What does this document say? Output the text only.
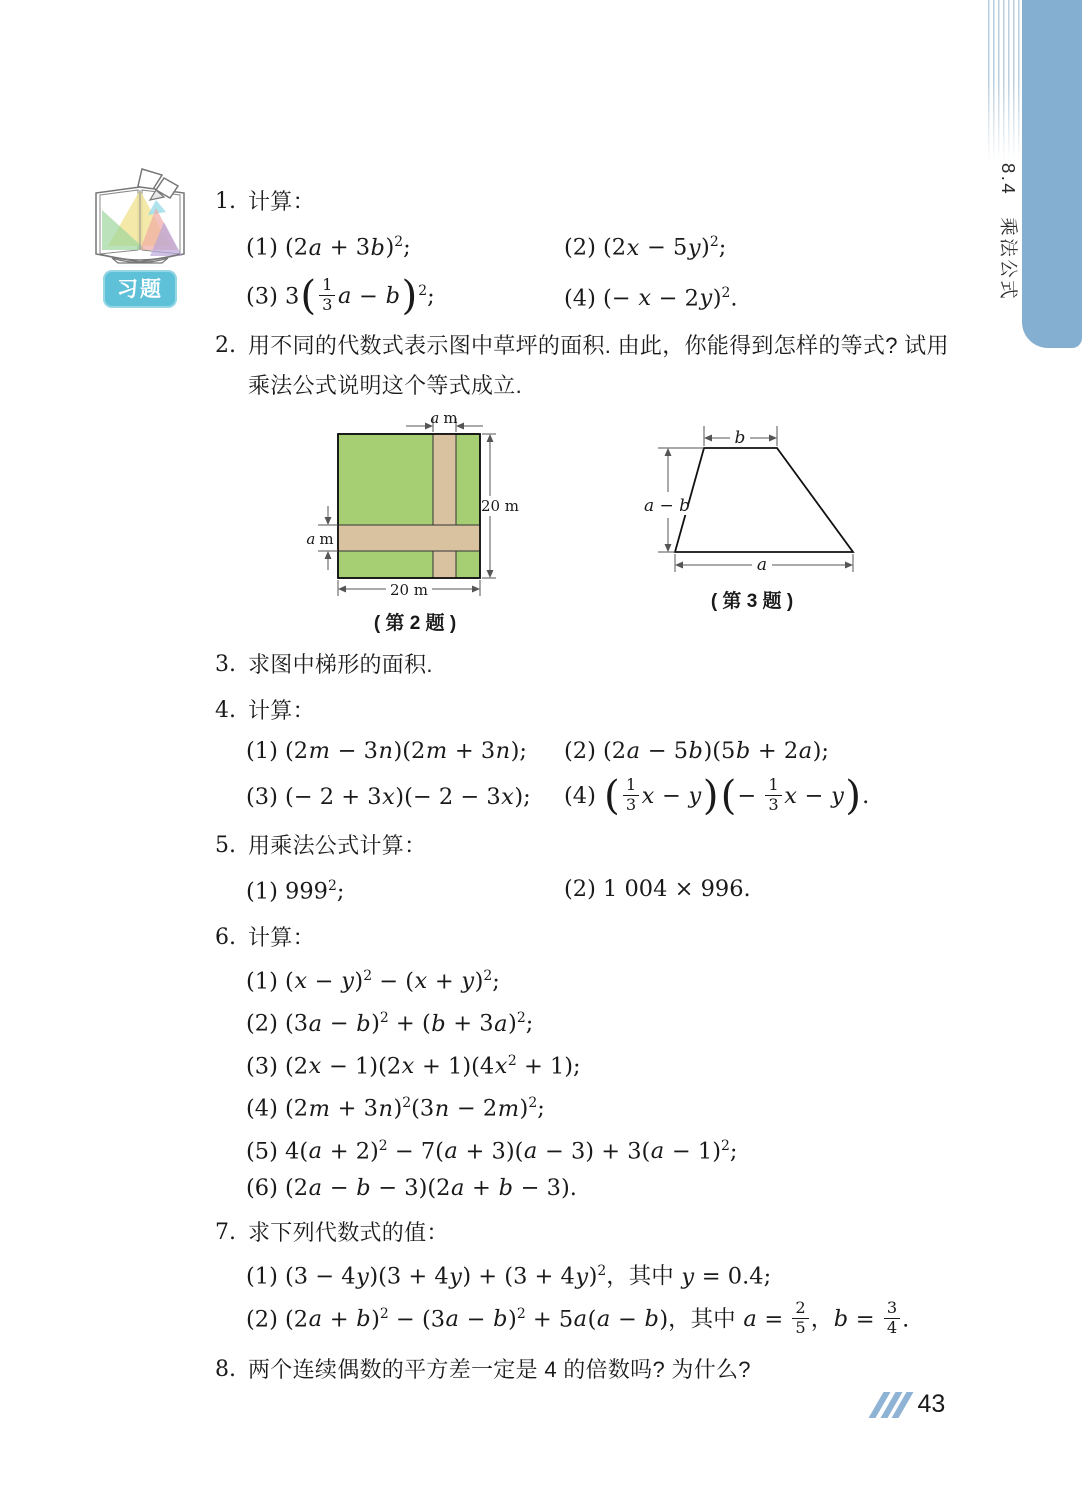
8.4　乘法公式
习题
1. 计算：
(1) $(2a + 3b)^2$;	(2) $(2x - 5y)^2$;
(3) $3( \frac{1}{3}$ $a - b)^2$;	(4) (− x − 2y)$^2$.
2. 用不同的代数式表示图中草坪的面积. 由此，你能得到怎样的等式? 试用乘法公式说明这个等式成立.
a m
20 m
a m
20 m
( 第 2 题 )
b
a − b
a
( 第 3 题 )
3. 求图中梯形的面积.
4. 计算：
(1) (2m − 3n)(2m + 3n);	(2) (2a − 5b)(5b + 2a);
(3) (− 2 + 3x)(− 2 − 3x);	(4) ( $\frac{1}{3}$ $x - y)(- \frac{1}{3}$ x − y).
5. 用乘法公式计算：
(1) $999^2$;	(2) 1 004 × 996.
6. 计算：
(1) $(x - y)^2 - (x + y)^2$;
(2) $(3a - b)^2 + (b + 3a)^2$;
(3) $(2x - 1)(2x + 1)(4x^2 + 1)$;
(4) $(2m + 3n)^2(3n - 2m)^2$;
(5) $4(a + 2)^2 - 7(a + 3)(a - 3) + 3(a - 1)^2$;
(6) (2a − b − 3)(2a + b − 3).
7. 求下列代数式的值：
(1) $(3 - 4y)(3 + 4y) + (3 + 4y)^2$，其中 y = 0.4;
(2) $(2a + b)^2 - (3a - b)^2 + 5a(a - b)$，其中 $a = \frac{2}{5}$ ，$b = \frac{3}{4}$ .
8. 两个连续偶数的平方差一定是 4 的倍数吗? 为什么?
43
